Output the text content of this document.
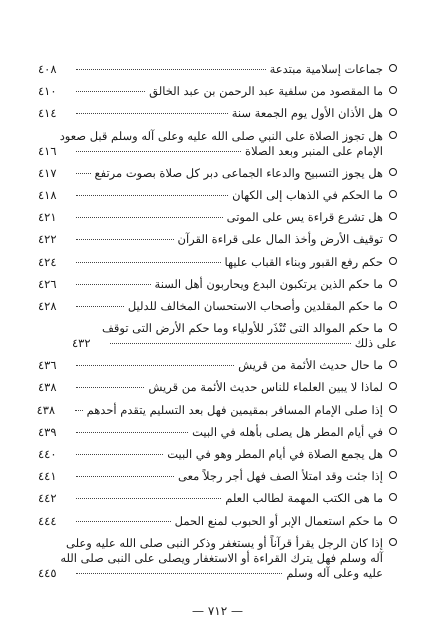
جماعات إسلامية مبتدعة
٤٠٨
ما المقصود من سلفية عبد الرحمن بن عبد الخالق
٤١٠
هل الأذان الأول يوم الجمعة سنة
٤١٤
هل تجوز الصلاة على النبي صلى الله عليه وعلى آله وسلم قبل صعود
الإمام على المنبر وبعد الصلاة
٤١٦
هل يجوز التسبيح والدعاء الجماعى دبر كل صلاة بصوت مرتفع
٤١٧
ما الحكم في الذهاب إلى الكهان
٤١٨
هل تشرع قراءة يس على الموتى
٤٢١
توقيف الأرض وأخذ المال على قراءة القرآن
٤٢٢
حكم رفع القبور وبناء القباب عليها
٤٢٤
ما حكم الذين يرتكبون البدع ويحاربون أهل السنة
٤٢٦
ما حكم المقلدين وأصحاب الاستحسان المخالف للدليل
٤٢٨
ما حكم الموالد التى تُنْذَر للأولياء وما حكم الأرض التى توقف
على ذلك
٤٣٢
ما حال حديث الأئمة من قريش
٤٣٦
لماذا لا يبين العلماء للناس حديث الأئمة من قريش
٤٣٨
إذا صلى الإمام المسافر بمقيمين فهل بعد التسليم يتقدم أحدهم
٤٣٨
في أيام المطر هل يصلى بأهله في البيت
٤٣٩
هل يجمع الصلاة في أيام المطر وهو في البيت
٤٤٠
إذا جئت وقد امتلأ الصف فهل أجر رجلاً معى
٤٤١
ما هى الكتب المهمة لطالب العلم
٤٤٢
ما حكم استعمال الإبر أو الحبوب لمنع الحمل
٤٤٤
إذا كان الرجل يقرأ قرآناً أو يستغفر وذكر النبى صلى الله عليه وعلى
آله وسلم فهل يترك القراءة أو الاستغفار ويصلى على النبى صلى الله
عليه وعلى آله وسلم
٤٤٥
— ٧١٢ —
